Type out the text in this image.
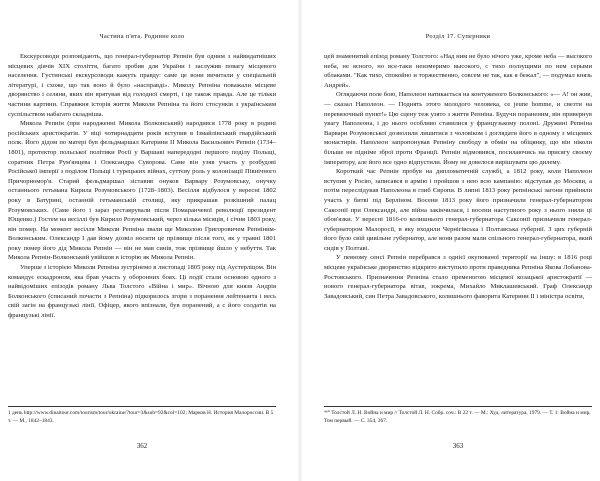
Частина п'ята. Родинне коло

Екскурсоводи розповідають, що генерал-губернатор Репнін був одним з найвидатніших місцевих діячів XIX століття, багато зробив для України і заслужив повагу місцевого населення. Густинські екскурсоводи кажуть правду: саме це вони вичитали у спеціальній літературі, і схоже, що так воно й було «насправді». Миколу Репніна поважали місцеве дворянство і селяни, яких він врятував від голодної смерті, і це також правда. Але це тільки частини картини. Справжня історія життя Миколи Репніна та його стосунків з українським суспільством набагато складніша.

Микола Репнін (при народженні Микола Волконський) народився 1778 року в родині російських аристократів. У віці чотирнадцяти років вступив в Ізмайлівський гвардійський полк. Його дідом по матері був фельдмаршал Катерини ІІ Микола Васильович Репнін (1734–1801), протектор польської політики Росії у Варшаві напередодні першого поділу Польщі, соратник Петра Рум'янцева і Олександра Суворова. Саме він узяв участь у розбудові Російської імперії з поділом Польщі і турецьких війнах, суттєву роль у колонізації Північного Причорномор'я. Старий фельдмаршал зіставив онуков Варвару Розумовську, онучку останнього гетьмана Кирила Розумовського (1728–1803). Весілля відбулося у вересні 1802 року в Батурині, останній гетьманській столиці, яку прикрашав розкішний палац Розумовських. (Саме його і зараз реставрували після Помаранчевої революції президент Ющенко.) Гостем на весіллі був Кирило Розумовський, через кілька місяців, і січня 1803 року, він помер. На момент весілля Миколи Репніна звали ще Миколою Григоровичем Репніним-Волконським. Олександр І дав йому дозвіл носити це прізвище після того, як у травні 1801 року помер його дід Микола Репнін — він не мав синів, тож прізвище йшло у небуття. Так Микола Репнін-Волконський увійшов в історію як Микола Репнін.

Уперше з історією Миколи Репніна зустрінемо в листопаді 1805 року під Аустерліцом. Він командує ескадроном, яка брав участь у оборонних боях. Ці події стали основою одного з найвідоміших епізодів роману Льва Толстого «Війна і мир». Вічною для князя Андрія Болконського (списаний почасти з Репніна) підкорилось згори з поранення лейтенанта і весь свій загін на французькі лінії. Офіцер, якого впізнали, був поранений, а с його солдатів на французькі лінії.

1 день http://www.dinaitour.com/tourism/tour/ukraine/?tour=3&sub=92&col=102; Марков Н. История Малороссии. В 5 т. — М., 1842–1843.

362
Розділ 17. Суперники

цей знаменитий епізод роману Толстого: «Над ним не було нічого уже, кроме неба — высокого неба, не ясного, но все-таки неизмеримо высокого, с тихо ползущими по нем серыми облаками. "Как тихо, спокойно и торжественно, совсем не так, как я бежал", — подумал князь Андрей».

Оглядаючи поле бою, Наполеон натикається на контуженого Болконського: «— А! он жив, — сказал Наполеон. — Поднять этого молодого человека, ce jeune homme, и свезти на перевязочный пункт!» Цю сцену теж узято з життя Репніна. Будучи пораненим, він привернув увагу Наполеона, і до нього особливо ставилися у французькому полоні. Дружині Репніна Варвари Розумовської дозволили лишитися з чоловіком і доглядати його в одному з місцевих монастирів. Наполеон запропонував Репніну свободу в обмін на обіцянку, що він ніколи більше не підніме зброї проти Франції. Репнін відмовився, посилаючись на присягу своєму імператору, але його все одно відпустили. Йому не довелося вирішувати цю дилему.

Короткий час Репнін пробув на дипломатичній службі, а 1812 року, коли Наполеон вступив у Росію, записався в армію і пройшов з нею всю кампанію: відступав до Москви, а потім переслідував Наполеона в глиб Європи. В липні 1813 року репнінські загони прийняли участь у битві під Берліном. Восени 1813 року його призначили генерал-губернатором Саксонії при Олександрі, але війна закінчилася, і восени наступного року з нього зняли ці обов'язки. У вересні 1816-го колишнього генерал-губернатора Саксонії призначили генерал-губернатором Малоросії, в яку входили Чернігівська і Полтавська губернії. З цих губерній його було свій цивільне губернатор, але вони разом мали спільного генерал-губернатора, який сидів у Полтаві.

У певному сенсі Репнін перебрався з однієї окупованої території на іншу: в 1816 році місцеве українське дворянство відкрито виступило проти праведника Репніна Якова Лобанова-Ростовського. Призначення Репніна стало пременогою місцевої козацької аристократії — нового генерал-губернатора вітав, зокрема, Михайло Миклашевський. Граф Олександр Завадовський, син Петра Завадовського, колишнього фаворита Катерини ІІ і міністра освіти,

⁴⁶⁰ Толстой Л. Н. Война и мир // Толстой Л. Н. Собр. соч.: В 22 т. — М.: Худ. литература, 1979. — Т. 1: Война и мир. Том первый. — С. 354, 367.

363
